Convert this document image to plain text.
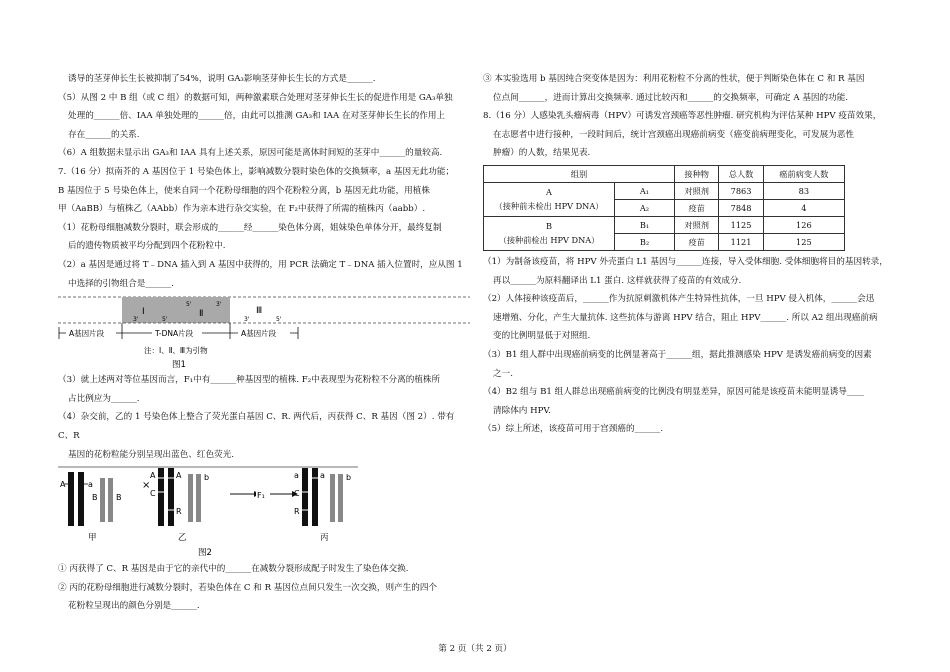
诱导的茎芽伸长生长被抑制了54%，说明 GA₃影响茎芽伸长生长的方式是______.

（5）从图 2 中 B 组（或 C 组）的数据可知，两种激素联合处理对茎芽伸长生长的促进作用是 GA₃单独

处理的______倍、IAA 单独处理的______倍，由此可以推测 GA₃和 IAA 在对茎芽伸长生长的作用上

存在______的关系.

（6）A 组数据未显示出 GA₃和 IAA 具有上述关系，原因可能是离体时间短的茎芽中______的量较高.

7.（16 分）拟南芥的 A 基因位于 1 号染色体上，影响减数分裂时染色体的交换频率，a 基因无此功能；

B 基因位于 5 号染色体上，使来自同一个花粉母细胞的四个花粉粒分离，b 基因无此功能，用植株

甲（AaBB）与植株乙（AAbb）作为亲本进行杂交实验，在 F₂中获得了所需的植株丙（aabb）.

（1）花粉母细胞减数分裂时，联会形成的______经______染色体分离，姐妹染色单体分开，最终复制

后的遗传物质被平均分配到四个花粉粒中.

（2）a 基因是通过将 T﹣DNA 插入到 A 基因中获得的，用 PCR 法确定 T﹣DNA 插入位置时，应从图 1

中选择的引物组合是______.

Ⅰ
3'	5'
Ⅱ
5'	3'
Ⅲ
3'	5'
A基因片段	T-DNA片段	A基因片段
注：Ⅰ、Ⅱ、Ⅲ为引物
图1

（3）就上述两对等位基因而言，F₁中有______种基因型的植株. F₂中表现型为花粉粒不分离的植株所

占比例应为______.

（4）杂交前，乙的 1 号染色体上整合了荧光蛋白基因 C、R. 两代后，丙获得 C、R 基因（图 2）. 带有 C、R

基因的花粉粒能分别呈现出蓝色、红色荧光.

A	a
B B
×
A
C
A
R
b
F₁
a
C
R
a	b
甲	乙	丙
图2

① 丙获得了 C、R 基因是由于它的亲代中的______在减数分裂形成配子时发生了染色体交换.

② 丙的花粉母细胞进行减数分裂时，若染色体在 C 和 R 基因位点间只发生一次交换，则产生的四个

花粉粒呈现出的颜色分别是______.

③ 本实验选用 b 基因纯合突变体是因为：利用花粉粒不分离的性状，便于判断染色体在 C 和 R 基因

位点间______，进而计算出交换频率. 通过比较丙和______的交换频率，可确定 A 基因的功能.

8.（16 分）人感染乳头瘤病毒（HPV）可诱发宫颈癌等恶性肿瘤. 研究机构为评估某种 HPV 疫苗效果，

在志愿者中进行接种，一段时间后，统计宫颈癌出现癌前病变（癌变前病理变化，可发展为恶性

肿瘤）的人数，结果见表.

组别		接种物	总人数	癌前病变人数

A
（接种前未检出 HPV DNA）	A₁	对照剂	7863	83
	A₂	疫苗	7848	4

B
（接种前检出 HPV DNA）	B₁	对照剂	1125	126
	B₂	疫苗	1121	125

（1）为制备该疫苗，将 HPV 外壳蛋白 L1 基因与______连接，导入受体细胞. 受体细胞将目的基因转录，

再以______为原料翻译出 L1 蛋白. 这样就获得了疫苗的有效成分.

（2）人体接种该疫苗后，______作为抗原刺激机体产生特异性抗体，一旦 HPV 侵入机体，______会迅

速增殖、分化，产生大量抗体. 这些抗体与游离 HPV 结合，阻止 HPV______. 所以 A2 组出现癌前病

变的比例明显低于对照组.

（3）B1 组人群中出现癌前病变的比例显著高于______组，据此推测感染 HPV 是诱发癌前病变的因素

之一.

（4）B2 组与 B1 组人群总出现癌前病变的比例没有明显差异，原因可能是该疫苗未能明显诱导____

清除体内 HPV.

（5）综上所述，该疫苗可用于宫颈癌的______.

第 2 页（共 2 页）
